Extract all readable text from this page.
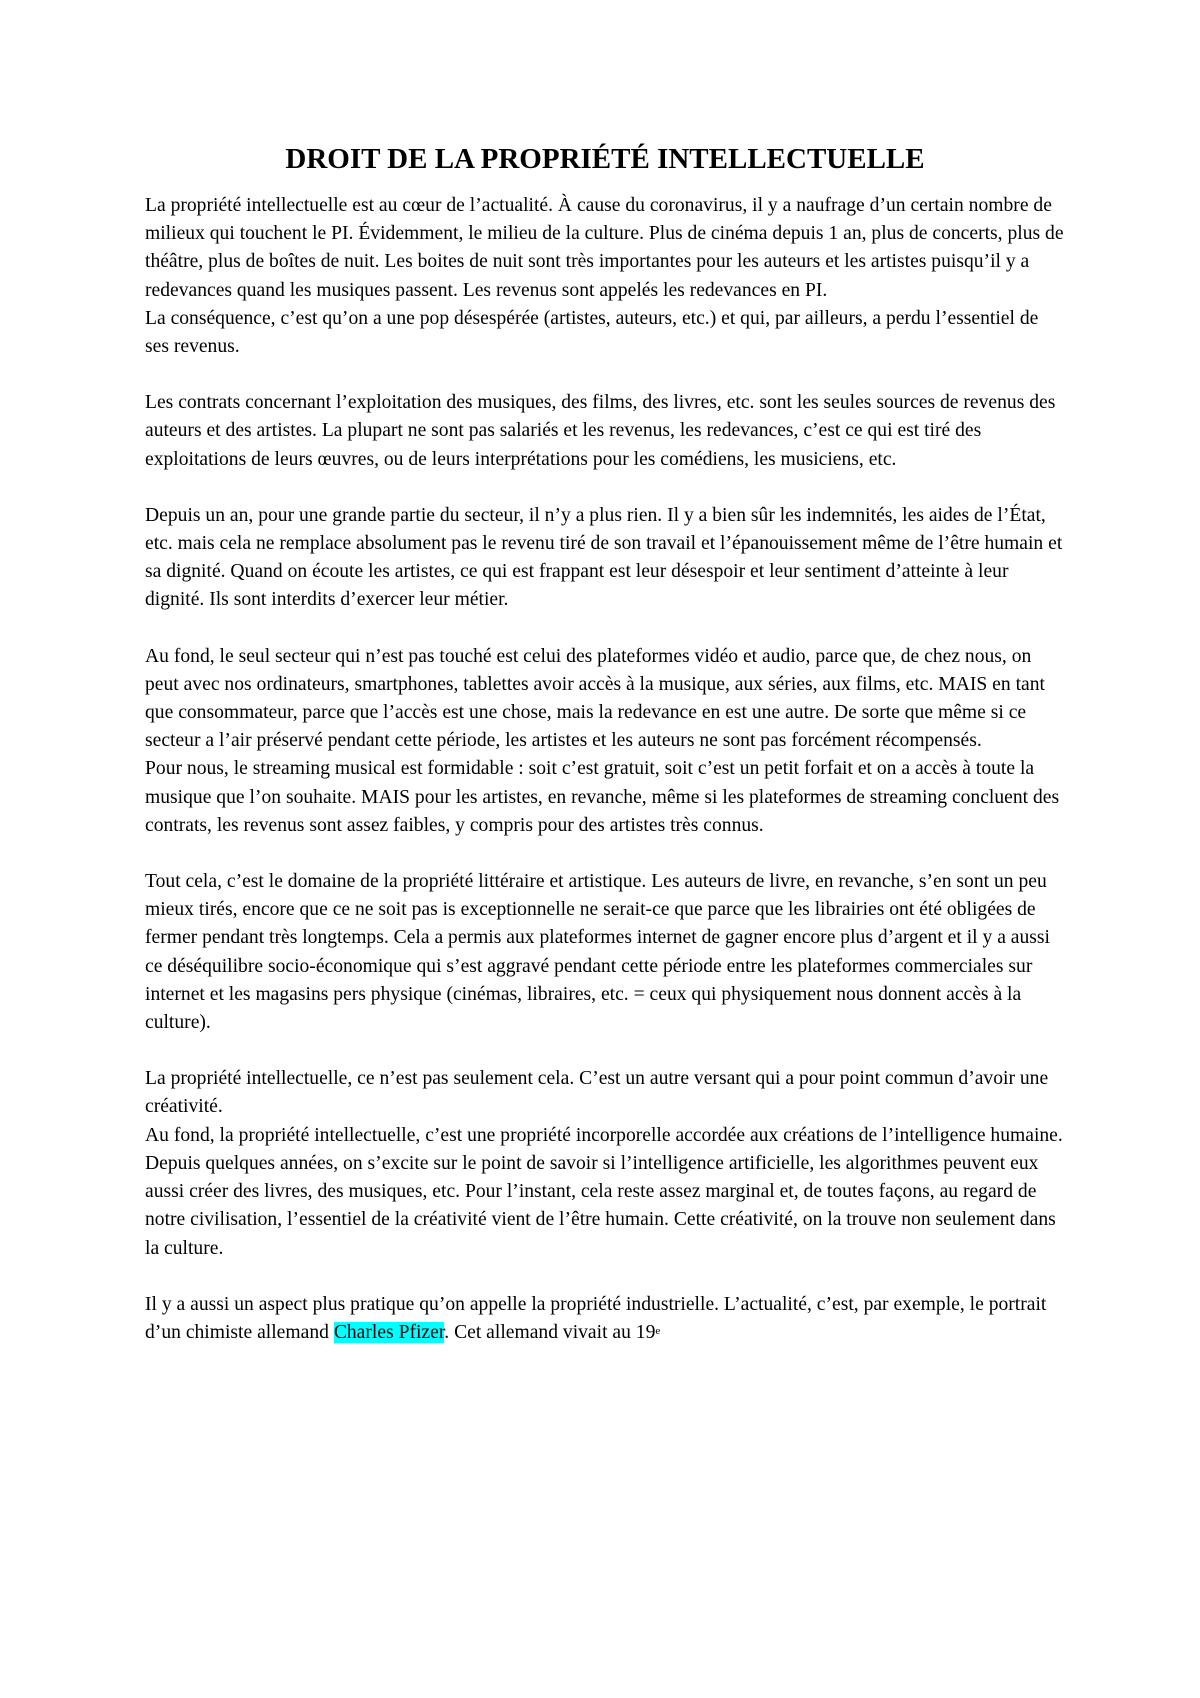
DROIT DE LA PROPRIÉTÉ INTELLECTUELLE

La propriété intellectuelle est au cœur de l’actualité. À cause du coronavirus, il y a naufrage d’un certain nombre de milieux qui touchent le PI. Évidemment, le milieu de la culture. Plus de cinéma depuis 1 an, plus de concerts, plus de théâtre, plus de boîtes de nuit. Les boites de nuit sont très importantes pour les auteurs et les artistes puisqu’il y a redevances quand les musiques passent. Les revenus sont appelés les redevances en PI.

La conséquence, c’est qu’on a une pop désespérée (artistes, auteurs, etc.) et qui, par ailleurs, a perdu l’essentiel de ses revenus.

Les contrats concernant l’exploitation des musiques, des films, des livres, etc. sont les seules sources de revenus des auteurs et des artistes. La plupart ne sont pas salariés et les revenus, les redevances, c’est ce qui est tiré des exploitations de leurs œuvres, ou de leurs interprétations pour les comédiens, les musiciens, etc.

Depuis un an, pour une grande partie du secteur, il n’y a plus rien. Il y a bien sûr les indemnités, les aides de l’État, etc. mais cela ne remplace absolument pas le revenu tiré de son travail et l’épanouissement même de l’être humain et sa dignité. Quand on écoute les artistes, ce qui est frappant est leur désespoir et leur sentiment d’atteinte à leur dignité. Ils sont interdits d’exercer leur métier.

Au fond, le seul secteur qui n’est pas touché est celui des plateformes vidéo et audio, parce que, de chez nous, on peut avec nos ordinateurs, smartphones, tablettes avoir accès à la musique, aux séries, aux films, etc. MAIS en tant que consommateur, parce que l’accès est une chose, mais la redevance en est une autre. De sorte que même si ce secteur a l’air préservé pendant cette période, les artistes et les auteurs ne sont pas forcément récompensés.

Pour nous, le streaming musical est formidable : soit c’est gratuit, soit c’est un petit forfait et on a accès à toute la musique que l’on souhaite. MAIS pour les artistes, en revanche, même si les plateformes de streaming concluent des contrats, les revenus sont assez faibles, y compris pour des artistes très connus.

Tout cela, c’est le domaine de la propriété littéraire et artistique. Les auteurs de livre, en revanche, s’en sont un peu mieux tirés, encore que ce ne soit pas is exceptionnelle ne serait-ce que parce que les librairies ont été obligées de fermer pendant très longtemps. Cela a permis aux plateformes internet de gagner encore plus d’argent et il y a aussi ce déséquilibre socio-économique qui s’est aggravé pendant cette période entre les plateformes commerciales sur internet et les magasins pers physique (cinémas, libraires, etc. = ceux qui physiquement nous donnent accès à la culture).

La propriété intellectuelle, ce n’est pas seulement cela. C’est un autre versant qui a pour point commun d’avoir une créativité.

Au fond, la propriété intellectuelle, c’est une propriété incorporelle accordée aux créations de l’intelligence humaine. Depuis quelques années, on s’excite sur le point de savoir si l’intelligence artificielle, les algorithmes peuvent eux aussi créer des livres, des musiques, etc. Pour l’instant, cela reste assez marginal et, de toutes façons, au regard de notre civilisation, l’essentiel de la créativité vient de l’être humain. Cette créativité, on la trouve non seulement dans la culture.

Il y a aussi un aspect plus pratique qu’on appelle la propriété industrielle. L’actualité, c’est, par exemple, le portrait d’un chimiste allemand Charles Pfizer. Cet allemand vivait au 19e
